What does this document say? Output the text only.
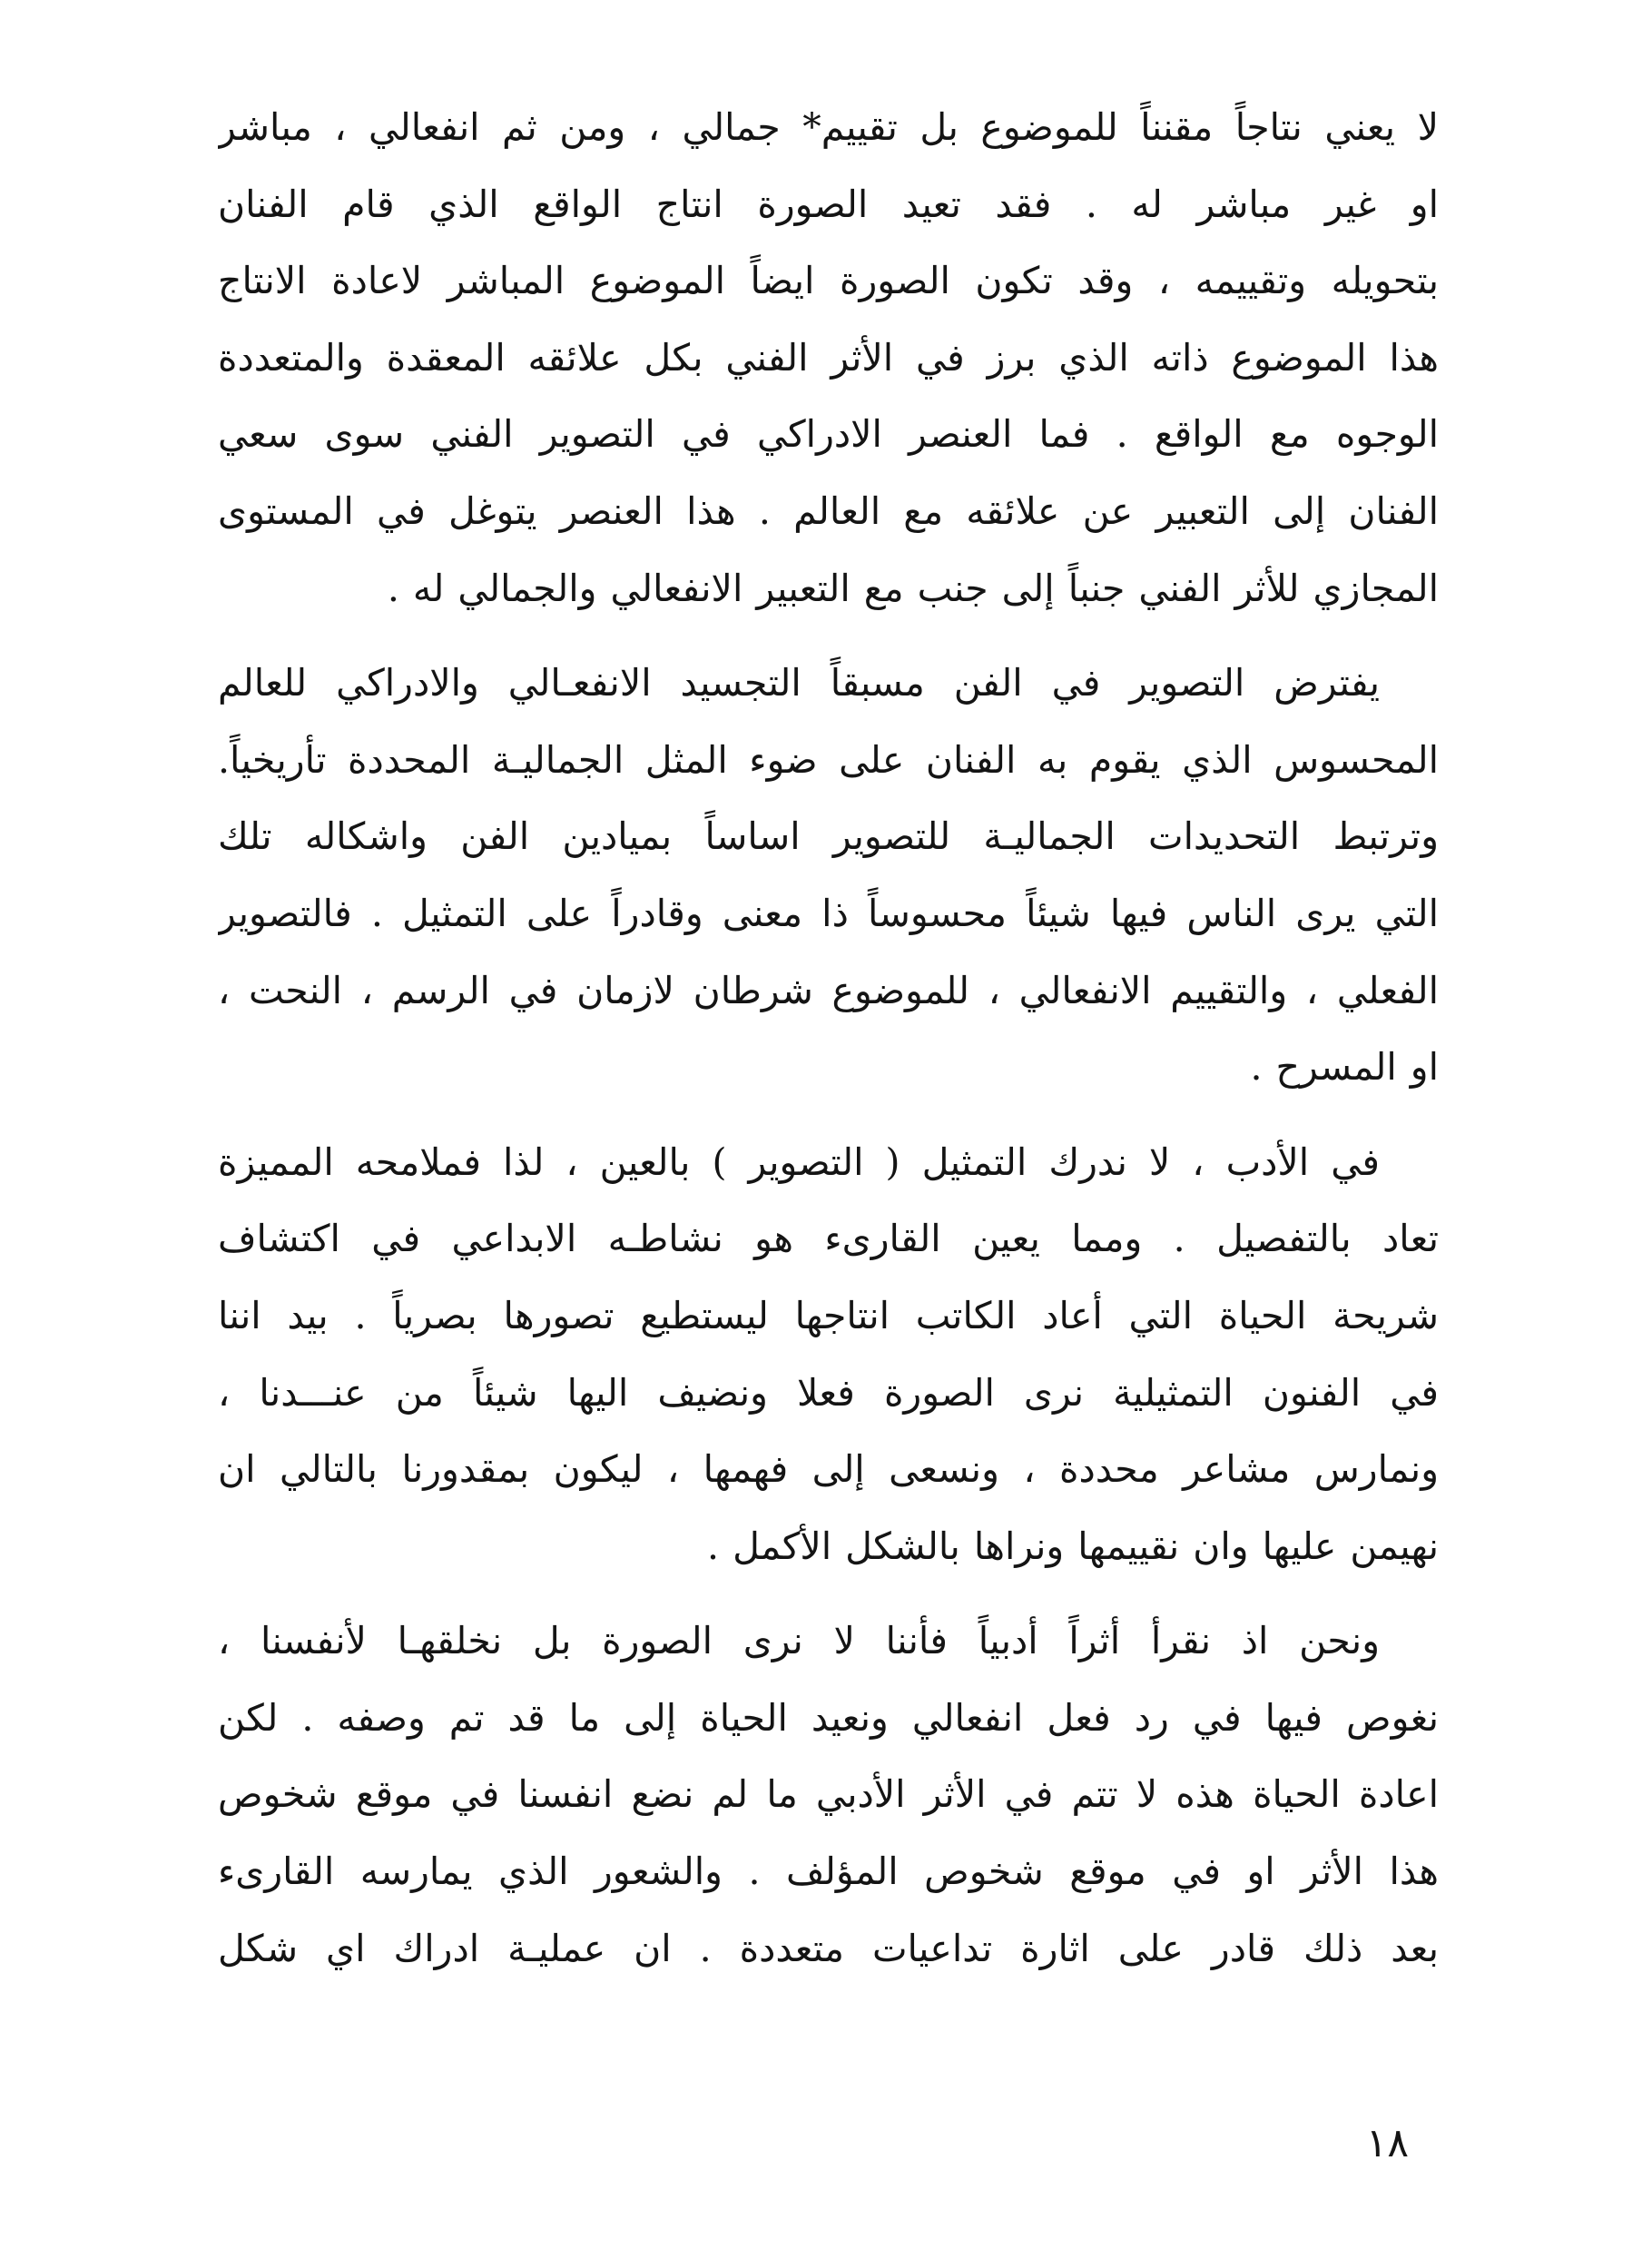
لا يعني نتاجاً مقنناً للموضوع بل تقييم* جمالي ، ومن ثم انفعالي ، مباشر
او غير مباشر له . فقد تعيد الصورة انتاج الواقع الذي قام الفنان
بتحويله وتقييمه ، وقد تكون الصورة ايضاً الموضوع المباشر لاعادة الانتاج
هذا الموضوع ذاته الذي برز في الأثر الفني بكل علائقه المعقدة والمتعددة
الوجوه مع الواقع . فما العنصر الادراكي في التصوير الفني سوى سعي
الفنان إلى التعبير عن علائقه مع العالم . هذا العنصر يتوغل في المستوى
المجازي للأثر الفني جنباً إلى جنب مع التعبير الانفعالي والجمالي له .

يفترض التصوير في الفن مسبقاً التجسيد الانفعـالي والادراكي للعالم
المحسوس الذي يقوم به الفنان على ضوء المثل الجماليـة المحددة تأريخياً.
وترتبط التحديدات الجماليـة للتصوير اساساً بميادين الفن واشكاله تلك
التي يرى الناس فيها شيئاً محسوساً ذا معنى وقادراً على التمثيل . فالتصوير
الفعلي ، والتقييم الانفعالي ، للموضوع شرطان لازمان في الرسم ، النحت ،
او المسرح .

في الأدب ، لا ندرك التمثيل ( التصوير ) بالعين ، لذا فملامحه المميزة
تعاد بالتفصيل . ومما يعين القارىء هو نشاطـه الابداعي في اكتشاف
شريحة الحياة التي أعاد الكاتب انتاجها ليستطيع تصورها بصرياً . بيد اننا
في الفنون التمثيلية نرى الصورة فعلا ونضيف اليها شيئاً من عنـــدنا ،
ونمارس مشاعر محددة ، ونسعى إلى فهمها ، ليكون بمقدورنا بالتالي ان
نهيمن عليها وان نقييمها ونراها بالشكل الأكمل .

ونحن اذ نقرأ أثراً أدبياً فأننا لا نرى الصورة بل نخلقهـا لأنفسنا ،
نغوص فيها في رد فعل انفعالي ونعيد الحياة إلى ما قد تم وصفه . لكن
اعادة الحياة هذه لا تتم في الأثر الأدبي ما لم نضع انفسنا في موقع شخوص
هذا الأثر او في موقع شخوص المؤلف . والشعور الذي يمارسه القارىء
بعد ذلك قادر على اثارة تداعيات متعددة . ان عمليـة ادراك اي شكل

١٨
